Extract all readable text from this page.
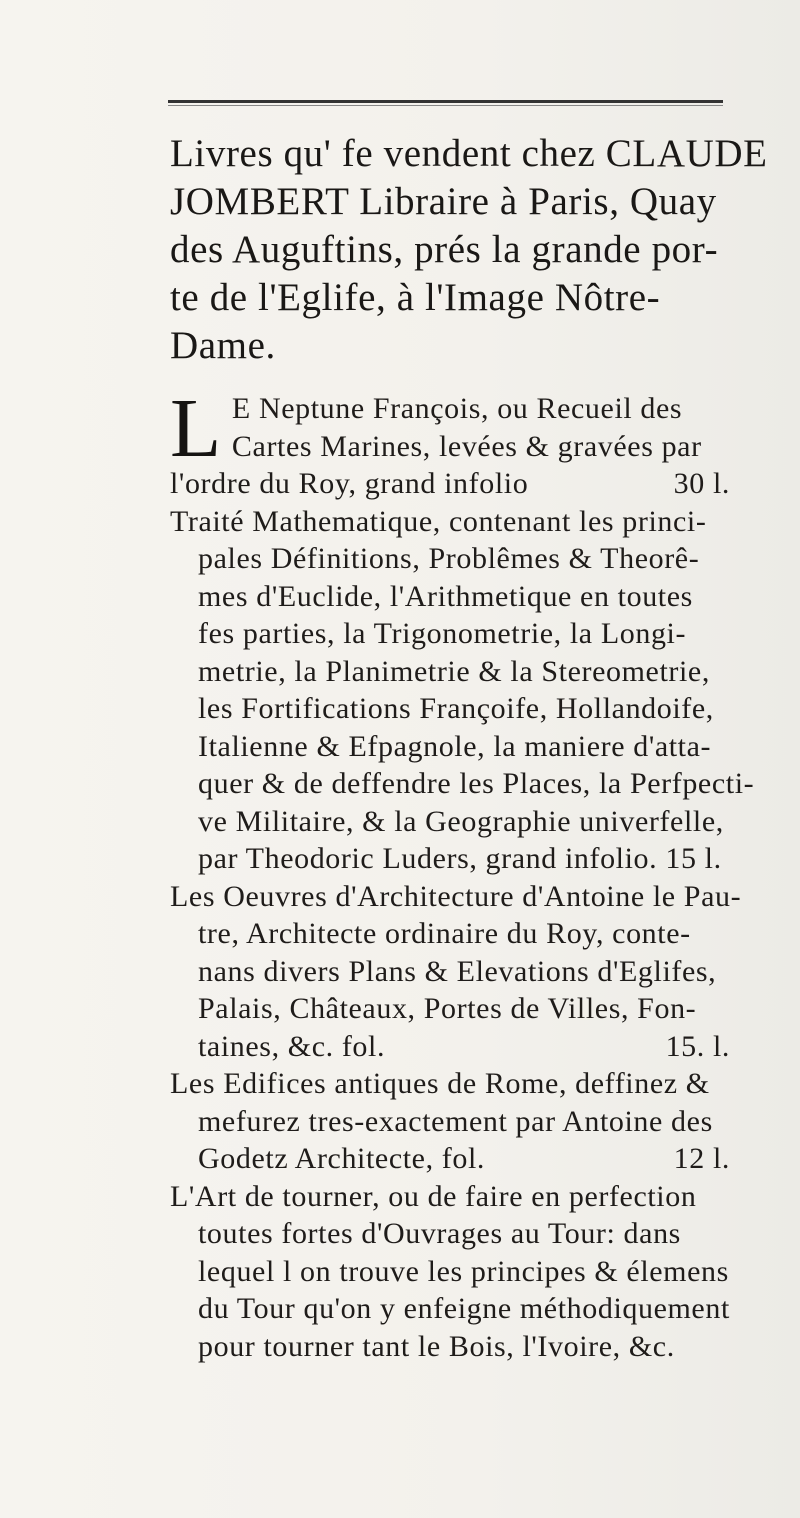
Livres qu' fe vendent chez CLAUDE
JOMBERT Libraire à Paris, Quay
des Auguftins, prés la grande por-
te de l'Eglife, à l'Image Nôtre-
Dame.
L E Neptune François, ou Recueil des
Cartes Marines, levées & gravées par
l'ordre du Roy, grand infolio	30 l.
Traité Mathematique, contenant les princi-
pales Définitions, Problêmes & Theorê-
mes d'Euclide, l'Arithmetique en toutes
fes parties, la Trigonometrie, la Longi-
metrie, la Planimetrie & la Stereometrie,
les Fortifications Françoife, Hollandoife,
Italienne & Efpagnole, la maniere d'atta-
quer & de deffendre les Places, la Perfpecti-
ve Militaire, & la Geographie univerfelle,
par Theodoric Luders, grand infolio. 15 l.
Les Oeuvres d'Architecture d'Antoine le Pau-
tre, Architecte ordinaire du Roy, conte-
nans divers Plans & Elevations d'Eglifes,
Palais, Châteaux, Portes de Villes, Fon-
taines, &c. fol.	15. l.
Les Edifices antiques de Rome, deffinez &
mefurez tres-exactement par Antoine des
Godetz Architecte, fol.	12 l.
L'Art de tourner, ou de faire en perfection
toutes fortes d'Ouvrages au Tour: dans
lequel l on trouve les principes & élemens
du Tour qu'on y enfeigne méthodiquement
pour tourner tant le Bois, l'Ivoire, &c.
